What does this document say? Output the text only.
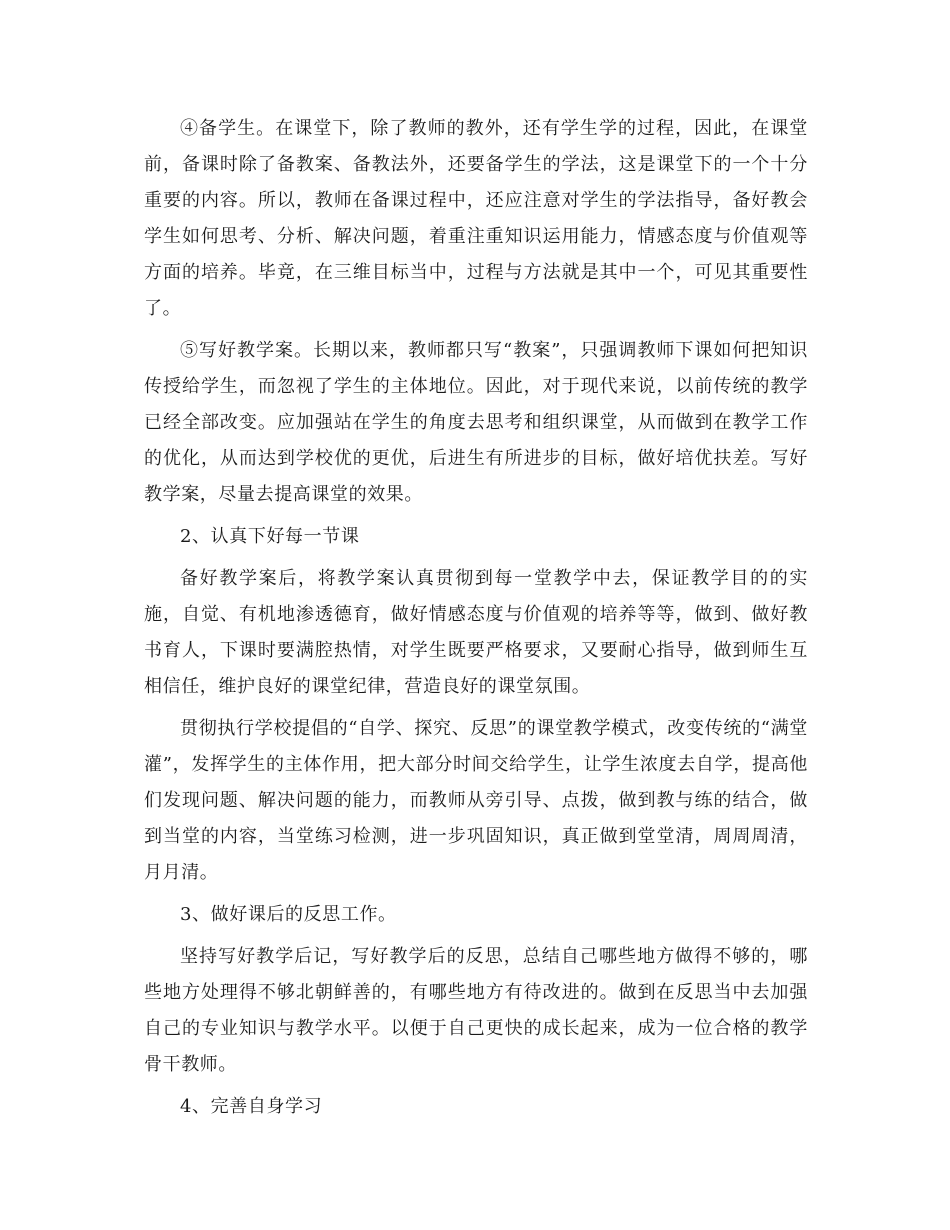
④备学生。在课堂下，除了教师的教外，还有学生学的过程，因此，在课堂前，备课时除了备教案、备教法外，还要备学生的学法，这是课堂下的一个十分重要的内容。所以，教师在备课过程中，还应注意对学生的学法指导，备好教会学生如何思考、分析、解决问题，着重注重知识运用能力，情感态度与价值观等方面的培养。毕竟，在三维目标当中，过程与方法就是其中一个，可见其重要性了。

⑤写好教学案。长期以来，教师都只写“教案”，只强调教师下课如何把知识传授给学生，而忽视了学生的主体地位。因此，对于现代来说，以前传统的教学已经全部改变。应加强站在学生的角度去思考和组织课堂，从而做到在教学工作的优化，从而达到学校优的更优，后进生有所进步的目标，做好培优扶差。写好教学案，尽量去提高课堂的效果。

2、认真下好每一节课

备好教学案后，将教学案认真贯彻到每一堂教学中去，保证教学目的的实施，自觉、有机地渗透德育，做好情感态度与价值观的培养等等，做到、做好教书育人，下课时要满腔热情，对学生既要严格要求，又要耐心指导，做到师生互相信任，维护良好的课堂纪律，营造良好的课堂氛围。

贯彻执行学校提倡的“自学、探究、反思”的课堂教学模式，改变传统的“满堂灌”，发挥学生的主体作用，把大部分时间交给学生，让学生浓度去自学，提高他们发现问题、解决问题的能力，而教师从旁引导、点拨，做到教与练的结合，做到当堂的内容，当堂练习检测，进一步巩固知识，真正做到堂堂清，周周周清，月月清。

3、做好课后的反思工作。

坚持写好教学后记，写好教学后的反思，总结自己哪些地方做得不够的，哪些地方处理得不够北朝鲜善的，有哪些地方有待改进的。做到在反思当中去加强自己的专业知识与教学水平。以便于自己更快的成长起来，成为一位合格的教学骨干教师。

4、完善自身学习
